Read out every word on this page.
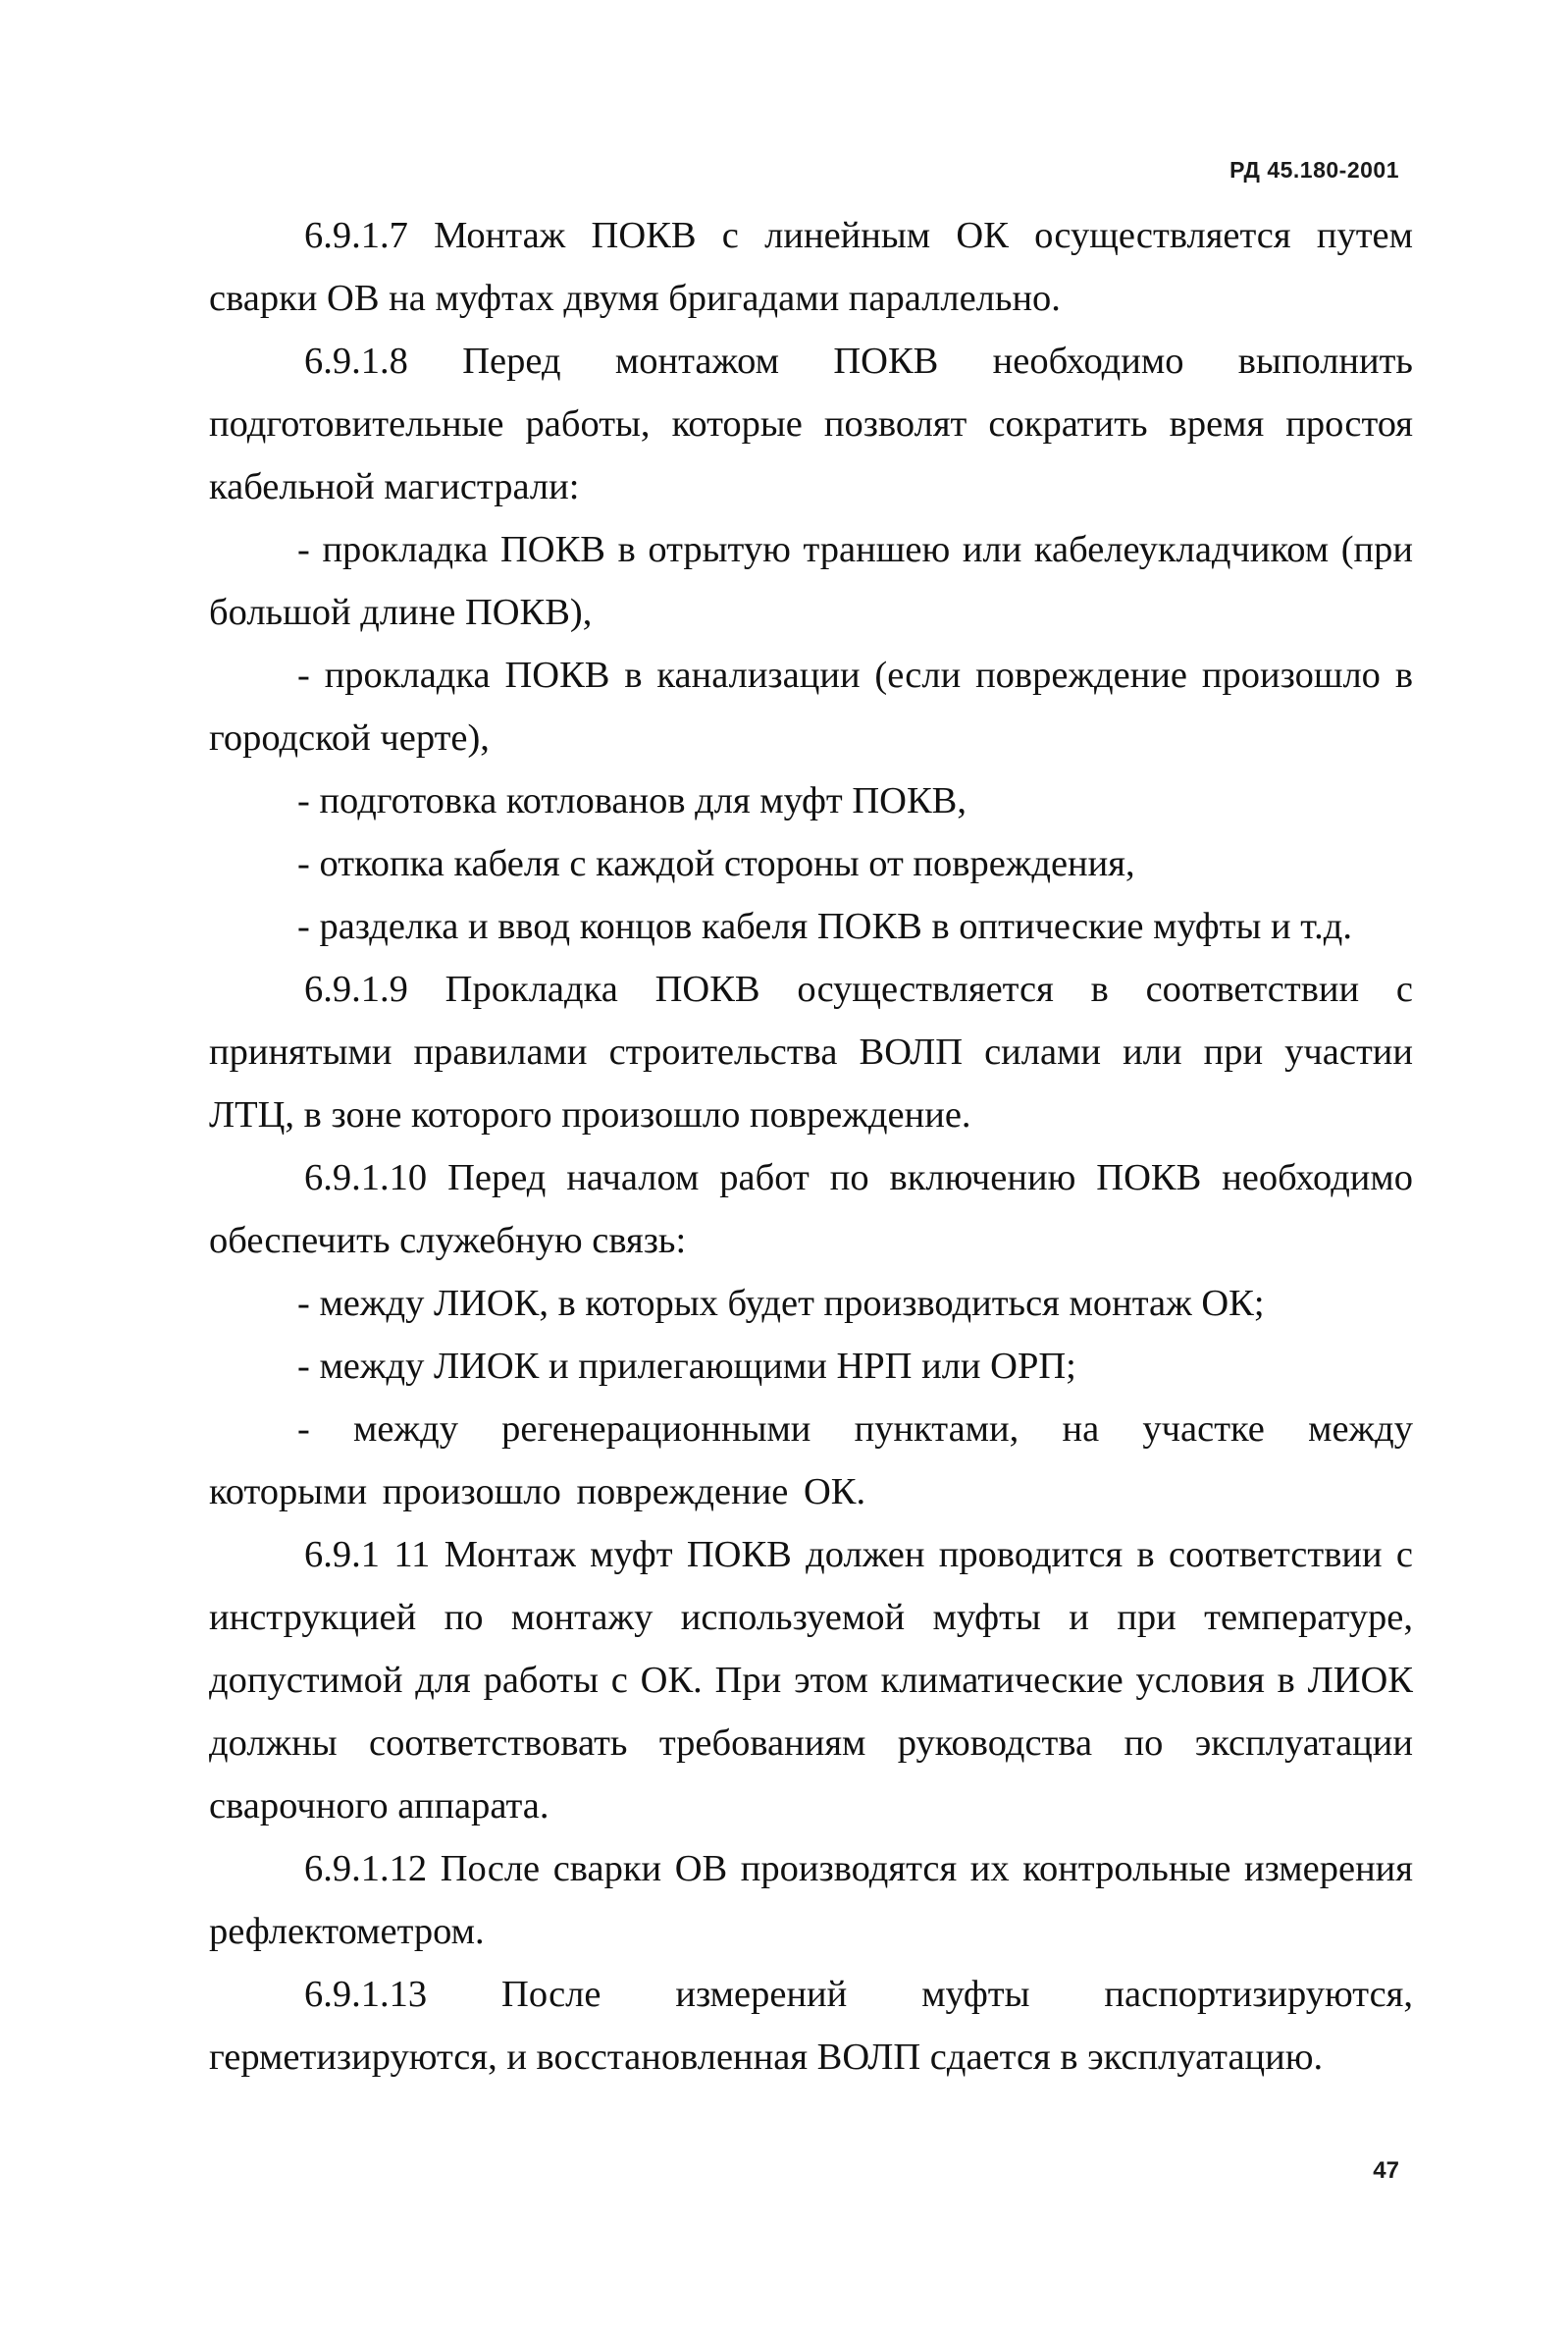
РД 45.180-2001

6.9.1.7 Монтаж ПОКВ с линейным ОК осуществляется путем сварки ОВ на муфтах двумя бригадами параллельно.

6.9.1.8 Перед монтажом ПОКВ необходимо выполнить подготовительные работы, которые позволят сократить время простоя кабельной магистрали:

- прокладка ПОКВ в отрытую траншею или кабелеукладчиком (при большой длине ПОКВ),

- прокладка ПОКВ в канализации (если повреждение произошло в городской черте),

- подготовка котлованов для муфт ПОКВ,

- откопка кабеля с каждой стороны от повреждения,

- разделка и ввод концов кабеля ПОКВ в оптические муфты и т.д.

6.9.1.9 Прокладка ПОКВ осуществляется в соответствии с принятыми правилами строительства ВОЛП силами или при участии ЛТЦ, в зоне которого произошло повреждение.

6.9.1.10 Перед началом работ по включению ПОКВ необходимо обеспечить служебную связь:

- между ЛИОК, в которых будет производиться монтаж ОК;

- между ЛИОК и прилегающими НРП или ОРП;

- между регенерационными пунктами, на участке между которыми произошло повреждение ОК.

6.9.1 11 Монтаж муфт ПОКВ должен проводится в соответствии с инструкцией по монтажу используемой муфты и при температуре, допустимой для работы с ОК. При этом климатические условия в ЛИОК должны соответствовать требованиям руководства по эксплуатации сварочного аппарата.

6.9.1.12 После сварки ОВ производятся их контрольные измерения рефлектометром.

6.9.1.13 После измерений муфты паспортизируются, герметизируются, и восстановленная ВОЛП сдается в эксплуатацию.

47
